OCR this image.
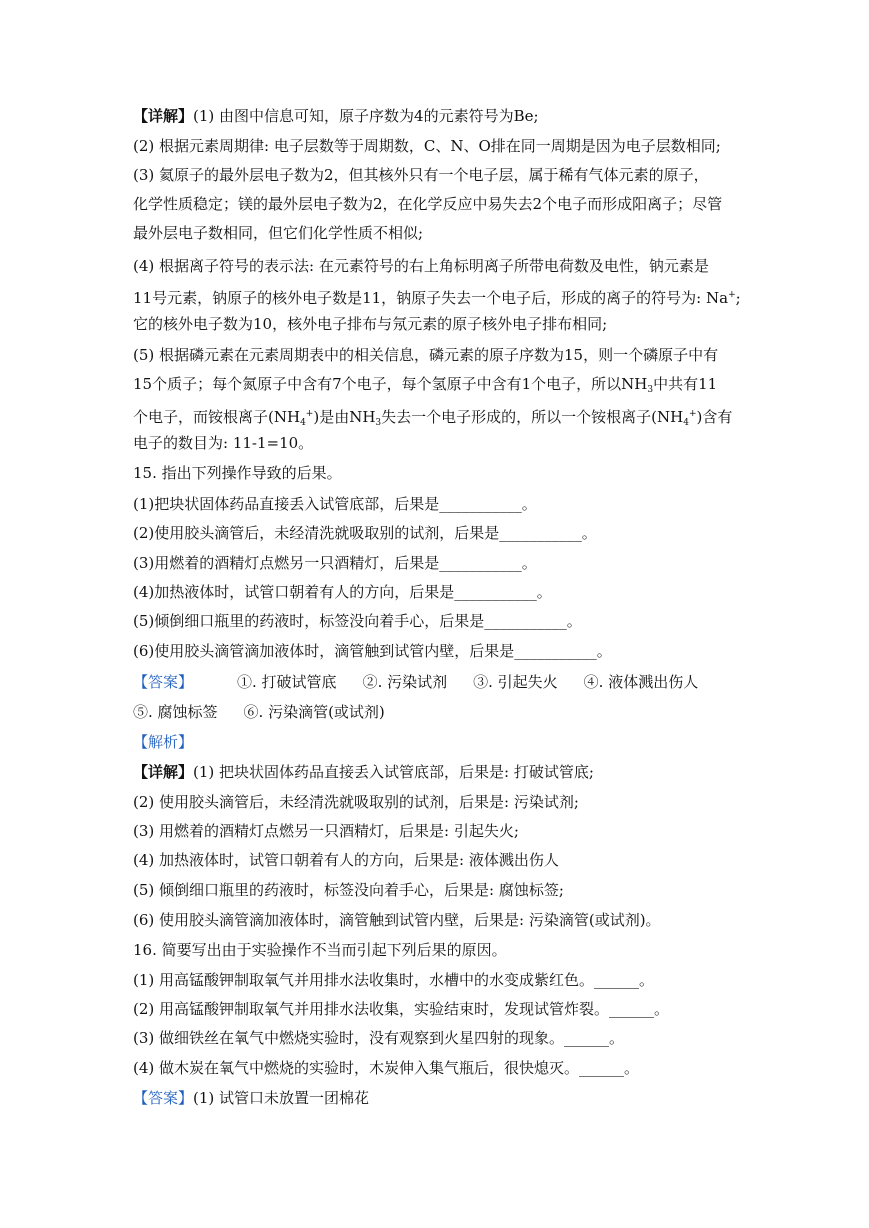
【详解】(1) 由图中信息可知，原子序数为4的元素符号为Be;
(2) 根据元素周期律: 电子层数等于周期数，C、N、O排在同一周期是因为电子层数相同;
(3) 氦原子的最外层电子数为2，但其核外只有一个电子层，属于稀有气体元素的原子，
化学性质稳定；镁的最外层电子数为2，在化学反应中易失去2个电子而形成阳离子；尽管
最外层电子数相同，但它们化学性质不相似;
(4) 根据离子符号的表示法: 在元素符号的右上角标明离子所带电荷数及电性，钠元素是
11号元素，钠原子的核外电子数是11，钠原子失去一个电子后，形成的离子的符号为: Na+;
它的核外电子数为10，核外电子排布与氖元素的原子核外电子排布相同;
(5) 根据磷元素在元素周期表中的相关信息，磷元素的原子序数为15，则一个磷原子中有
15个质子；每个氮原子中含有7个电子，每个氢原子中含有1个电子，所以$NH_3$中共有11
个电子，而铵根离子$(NH_4^+)$是由$NH_3$失去一个电子形成的，所以一个铵根离子$(NH_4^+)$含有
电子的数目为: 11-1=10。
15. 指出下列操作导致的后果。
(1)把块状固体药品直接丢入试管底部，后果是___________。
(2)使用胶头滴管后，未经清洗就吸取别的试剂，后果是___________。
(3)用燃着的酒精灯点燃另一只酒精灯，后果是___________。
(4)加热液体时，试管口朝着有人的方向，后果是___________。
(5)倾倒细口瓶里的药液时，标签没向着手心，后果是___________。
(6)使用胶头滴管滴加液体时，滴管触到试管内壁，后果是___________。
【答案】	①. 打破试管底 ②. 污染试剂 ③. 引起失火 ④. 液体溅出伤人
⑤. 腐蚀标签 ⑥. 污染滴管(或试剂)
【解析】
【详解】(1) 把块状固体药品直接丢入试管底部，后果是: 打破试管底;
(2) 使用胶头滴管后，未经清洗就吸取别的试剂，后果是: 污染试剂;
(3) 用燃着的酒精灯点燃另一只酒精灯，后果是: 引起失火;
(4) 加热液体时，试管口朝着有人的方向，后果是: 液体溅出伤人
(5) 倾倒细口瓶里的药液时，标签没向着手心，后果是: 腐蚀标签;
(6) 使用胶头滴管滴加液体时，滴管触到试管内壁，后果是: 污染滴管(或试剂)。
16. 简要写出由于实验操作不当而引起下列后果的原因。
(1) 用高锰酸钾制取氧气并用排水法收集时，水槽中的水变成紫红色。______。
(2) 用高锰酸钾制取氧气并用排水法收集，实验结束时，发现试管炸裂。______。
(3) 做细铁丝在氧气中燃烧实验时，没有观察到火星四射的现象。______。
(4) 做木炭在氧气中燃烧的实验时，木炭伸入集气瓶后，很快熄灭。______。
【答案】(1) 试管口未放置一团棉花
